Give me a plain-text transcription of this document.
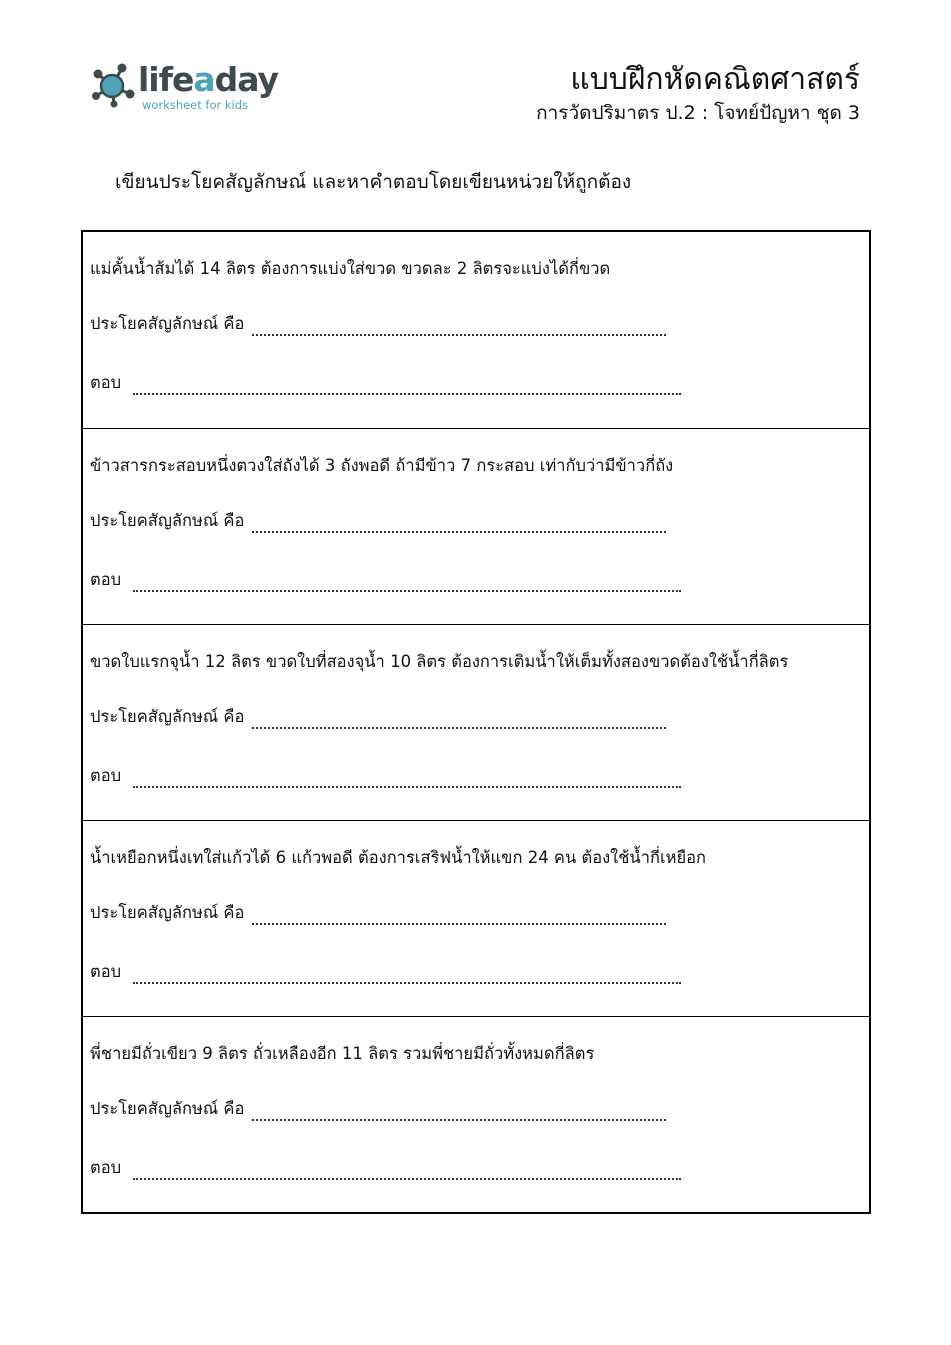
lifeaday
worksheet for kids
แบบฝึกหัดคณิตศาสตร์
การวัดปริมาตร ป.2 : โจทย์ปัญหา ชุด 3
เขียนประโยคสัญลักษณ์ และหาคำตอบโดยเขียนหน่วยให้ถูกต้อง
แม่คั้นน้ำส้มได้ 14 ลิตร ต้องการแบ่งใส่ขวด ขวดละ 2 ลิตรจะแบ่งได้กี่ขวด
ประโยคสัญลักษณ์ คือ
ตอบ
ข้าวสารกระสอบหนึ่งตวงใส่ถังได้ 3 ถังพอดี ถ้ามีข้าว 7 กระสอบ เท่ากับว่ามีข้าวกี่ถัง
ประโยคสัญลักษณ์ คือ
ตอบ
ขวดใบแรกจุน้ำ 12 ลิตร ขวดใบที่สองจุน้ำ 10 ลิตร ต้องการเติมน้ำให้เต็มทั้งสองขวดต้องใช้น้ำกี่ลิตร
ประโยคสัญลักษณ์ คือ
ตอบ
น้ำเหยือกหนึ่งเทใส่แก้วได้ 6 แก้วพอดี ต้องการเสริฟน้ำให้แขก 24 คน ต้องใช้น้ำกี่เหยือก
ประโยคสัญลักษณ์ คือ
ตอบ
พี่ชายมีถั่วเขียว 9 ลิตร ถั่วเหลืองอีก 11 ลิตร รวมพี่ชายมีถั่วทั้งหมดกี่ลิตร
ประโยคสัญลักษณ์ คือ
ตอบ
